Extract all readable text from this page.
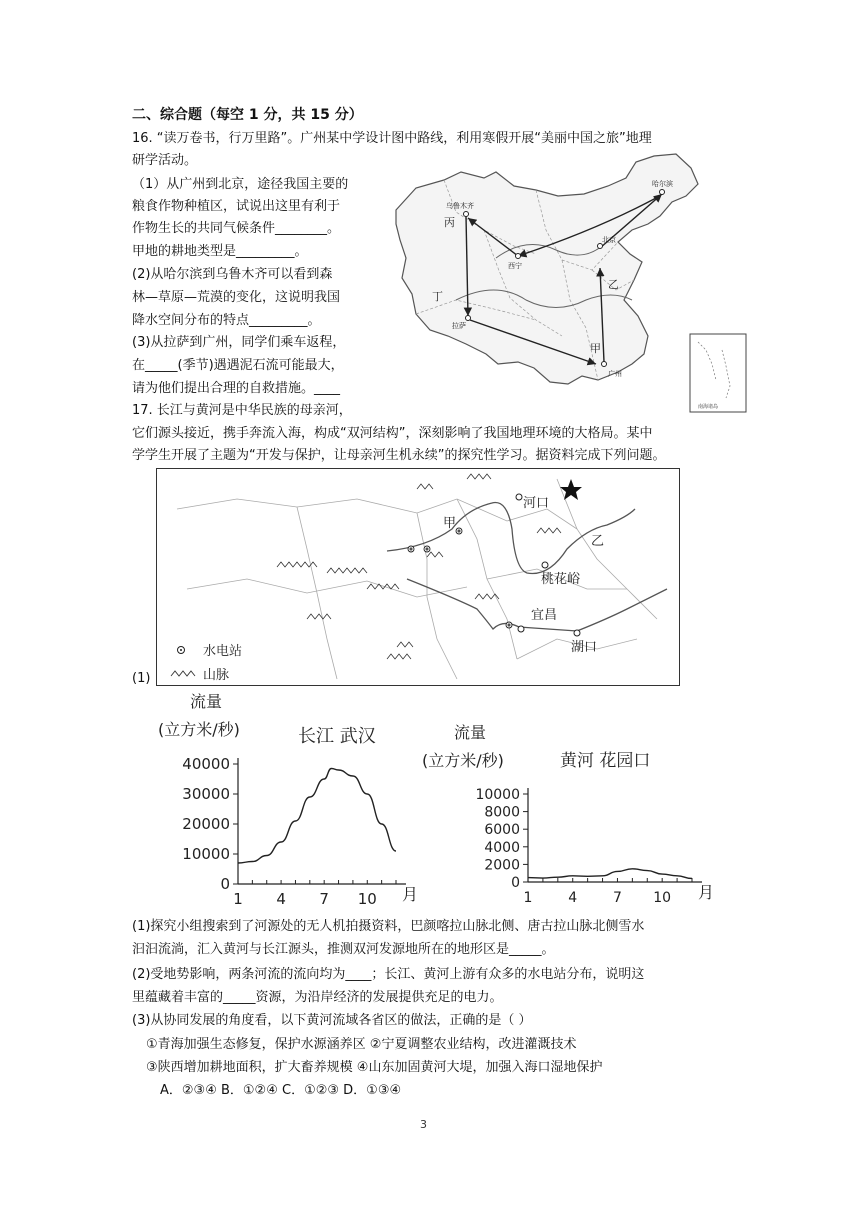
二、综合题（每空 1 分，共 15 分）
16. “读万卷书，行万里路”。广州某中学设计图中路线，利用寒假开展“美丽中国之旅”地理
研学活动。
（1）从广州到北京，途径我国主要的
粮食作物种植区，试说出这里有利于
作物生长的共同气候条件________。
甲地的耕地类型是_________。
(2)从哈尔滨到乌鲁木齐可以看到森
林—草原—荒漠的变化，这说明我国
降水空间分布的特点_________。
(3)从拉萨到广州，同学们乘车返程，
在_____(季节)遇遇泥石流可能最大，
请为他们提出合理的自救措施。____
乌鲁木齐
哈尔滨
北京
西宁
拉萨
广州
丙
丁
乙
甲
南海诸岛
17. 长江与黄河是中华民族的母亲河，
它们源头接近，携手奔流入海，构成“双河结构”，深刻影响了我国地理环境的大格局。某中
学学生开展了主题为“开发与保护，让母亲河生机永续”的探究性学习。据资料完成下列问题。
河口
甲
乙
桃花峪
宜昌
湖口
水电站
山脉
(1)
流量
(立方米/秒)	长江 武汉
0
10000
20000
30000
40000
1 4 7 10 月
流量
(立方米/秒)	黄河 花园口
0
2000
4000
6000
8000
10000
1	4	7 10 月
(1)探究小组搜索到了河源处的无人机拍摄资料，巴颜喀拉山脉北侧、唐古拉山脉北侧雪水
汩汩流淌，汇入黄河与长江源头，推测双河发源地所在的地形区是_____。
(2)受地势影响，两条河流的流向均为____；长江、黄河上游有众多的水电站分布，说明这
里蕴藏着丰富的_____资源，为沿岸经济的发展提供充足的电力。
(3)从协同发展的角度看，以下黄河流域各省区的做法，正确的是（ ）
①青海加强生态修复，保护水源涵养区 ②宁夏调整农业结构，改进灌溉技术
③陕西增加耕地面积，扩大畜养规模 ④山东加固黄河大堤，加强入海口湿地保护
A．②③④ B．①②④ C．①②③ D．①③④
3
